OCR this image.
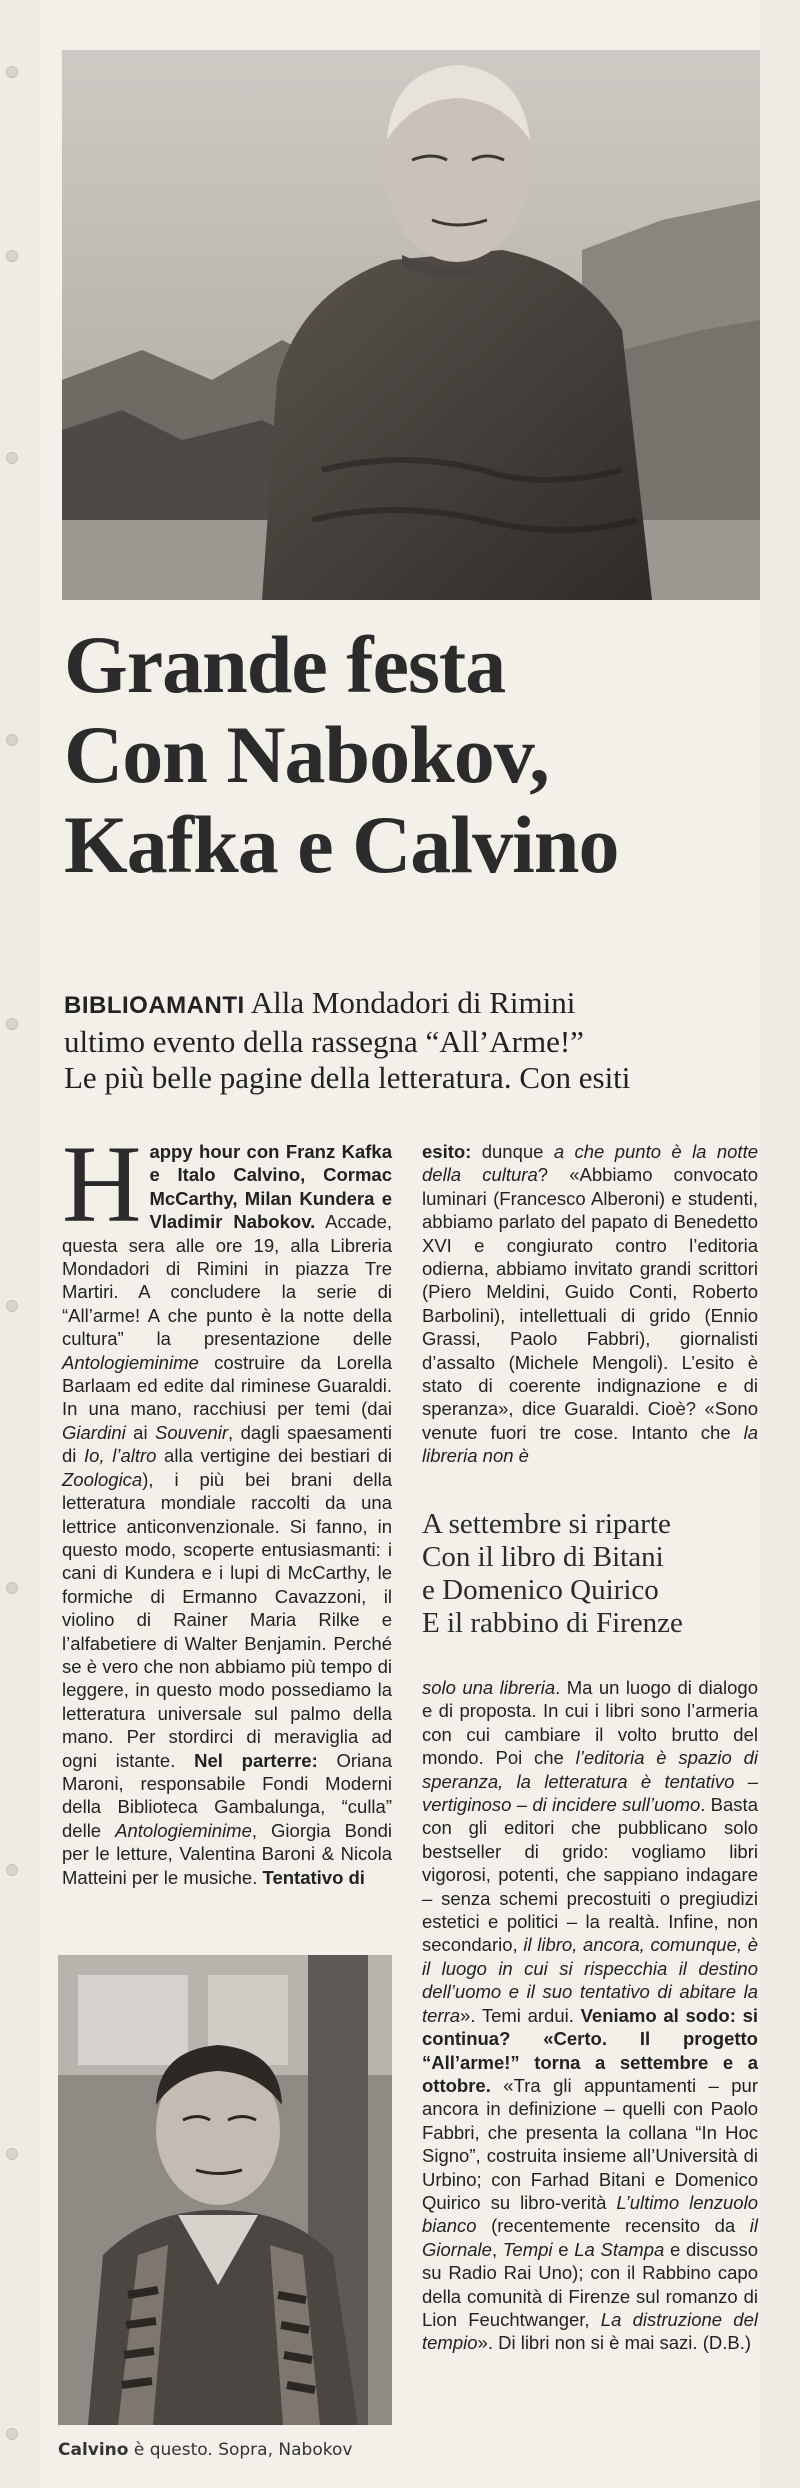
Grande festa
Con Nabokov,
Kafka e Calvino
BIBLIOAMANTI Alla Mondadori di Rimini
ultimo evento della rassegna “All’Arme!”
Le più belle pagine della letteratura. Con esiti

Happy hour con Franz Kafka e Italo Calvino, Cormac McCarthy, Milan Kundera e Vladimir Nabokov. Accade, questa sera alle ore 19, alla Libreria Mondadori di Rimini in piazza Tre Martiri. A concludere la serie di “All’arme! A che punto è la notte della cultura” la presentazione delle Antologieminime costruire da Lorella Barlaam ed edite dal riminese Guaraldi. In una mano, racchiusi per temi (dai Giardini ai Souvenir, dagli spaesamenti di Io, l’altro alla vertigine dei bestiari di Zoologica), i più bei brani della letteratura mondiale raccolti da una lettrice anticonvenzionale. Si fanno, in questo modo, scoperte entusiasmanti: i cani di Kundera e i lupi di McCarthy, le formiche di Ermanno Cavazzoni, il violino di Rainer Maria Rilke e l’alfabetiere di Walter Benjamin. Perché se è vero che non abbiamo più tempo di leggere, in questo modo possediamo la letteratura universale sul palmo della mano. Per stordirci di meraviglia ad ogni istante. Nel parterre: Oriana Maroni, responsabile Fondi Moderni della Biblioteca Gambalunga, “culla” delle Antologieminime, Giorgia Bondi per le letture, Valentina Baroni & Nicola Matteini per le musiche. Tentativo di

esito: dunque a che punto è la notte della cultura? «Abbiamo convocato luminari (Francesco Alberoni) e studenti, abbiamo parlato del papato di Benedetto XVI e congiurato contro l’editoria odierna, abbiamo invitato grandi scrittori (Piero Meldini, Guido Conti, Roberto Barbolini), intellettuali di grido (Ennio Grassi, Paolo Fabbri), giornalisti d’assalto (Michele Mengoli). L’esito è stato di coerente indignazione e di speranza», dice Guaraldi. Cioè? «Sono venute fuori tre cose. Intanto che la libreria non è

A settembre si riparte
Con il libro di Bitani
e Domenico Quirico
E il rabbino di Firenze

solo una libreria. Ma un luogo di dialogo e di proposta. In cui i libri sono l’armeria con cui cambiare il volto brutto del mondo. Poi che l’editoria è spazio di speranza, la letteratura è tentativo – vertiginoso – di incidere sull’uomo. Basta con gli editori che pubblicano solo bestseller di grido: vogliamo libri vigorosi, potenti, che sappiano indagare – senza schemi precostuiti o pregiudizi estetici e politici – la realtà. Infine, non secondario, il libro, ancora, comunque, è il luogo in cui si rispecchia il destino dell’uomo e il suo tentativo di abitare la terra». Temi ardui. Veniamo al sodo: si continua? «Certo. Il progetto “All’arme!” torna a settembre e a ottobre. «Tra gli appuntamenti – pur ancora in definizione – quelli con Paolo Fabbri, che presenta la collana “In Hoc Signo”, costruita insieme all’Università di Urbino; con Farhad Bitani e Domenico Quirico su libro-verità L’ultimo lenzuolo bianco (recentemente recensito da il Giornale, Tempi e La Stampa e discusso su Radio Rai Uno); con il Rabbino capo della comunità di Firenze sul romanzo di Lion Feuchtwanger, La distruzione del tempio». Di libri non si è mai sazi. (D.B.)

Calvino è questo. Sopra, Nabokov
